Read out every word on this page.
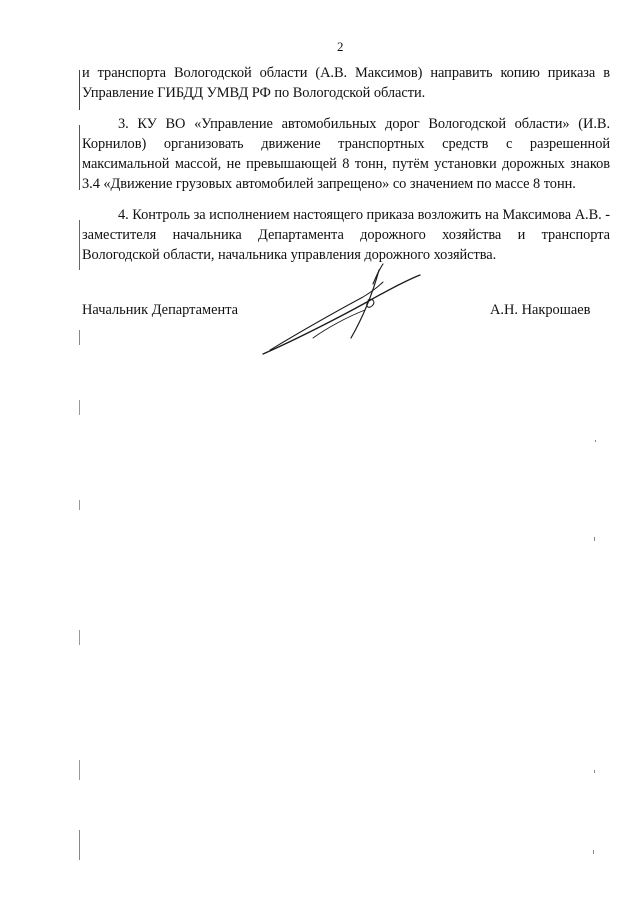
2

и транспорта Вологодской области (А.В. Максимов) направить копию приказа в Управление ГИБДД УМВД РФ по Вологодской области.

3. КУ ВО «Управление автомобильных дорог Вологодской области» (И.В. Корнилов) организовать движение транспортных средств с разрешенной максимальной массой, не превышающей 8 тонн, путём установки дорожных знаков 3.4 «Движение грузовых автомобилей запрещено» со значением по массе 8 тонн.

4. Контроль за исполнением настоящего приказа возложить на Максимова А.В. - заместителя начальника Департамента дорожного хозяйства и транспорта Вологодской области, начальника управления дорожного хозяйства.

Начальник Департамента	А.Н. Накрошаев
